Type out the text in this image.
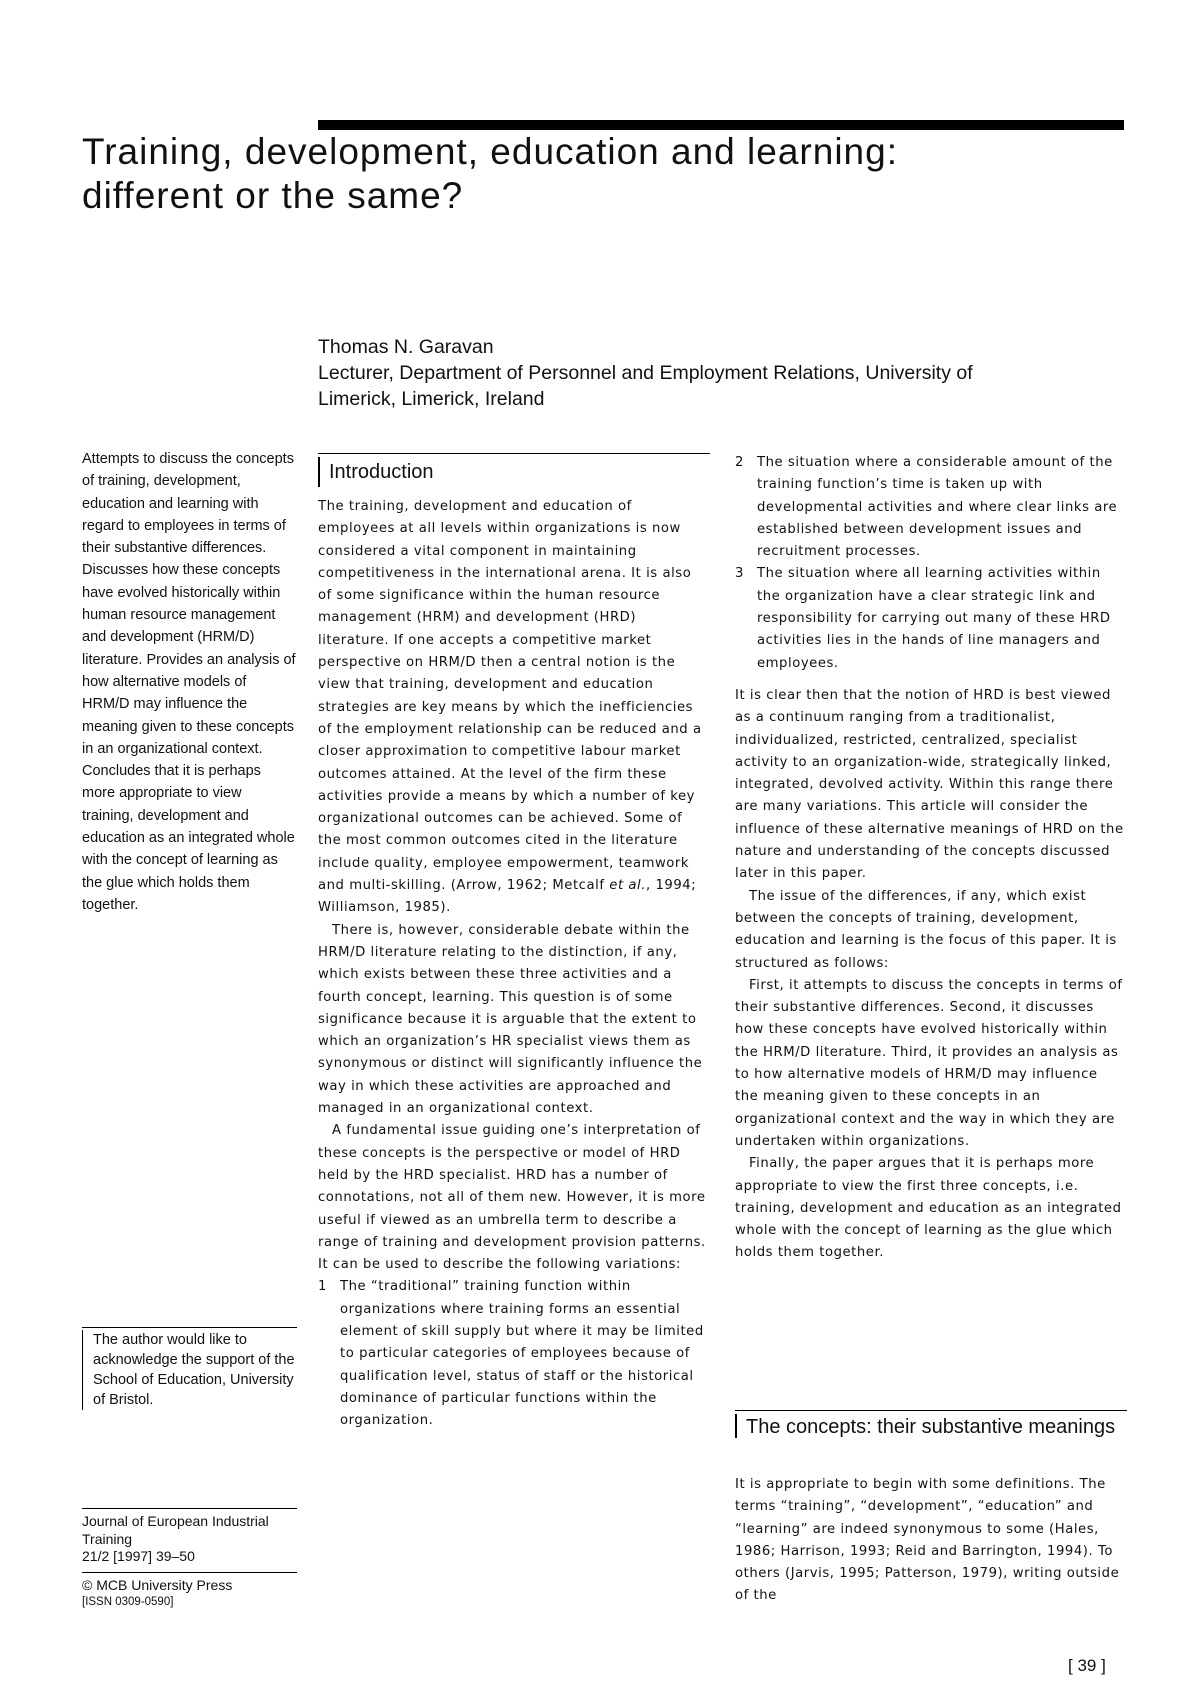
Training, development, education and learning:
different or the same?
Thomas N. Garavan
Lecturer, Department of Personnel and Employment Relations, University of
Limerick, Limerick, Ireland
Attempts to discuss the concepts of training, development, education and learning with regard to employees in terms of their substantive differences. Discusses how these concepts have evolved historically within human resource management and development (HRM/D) literature. Provides an analysis of how alternative models of HRM/D may influence the meaning given to these concepts in an organizational context. Concludes that it is perhaps more appropriate to view training, development and education as an integrated whole with the concept of learning as the glue which holds them together.
The author would like to acknowledge the support of the School of Education, University of Bristol.
Journal of European Industrial Training
21/2 [1997] 39–50
© MCB University Press
[ISSN 0309-0590]
Introduction

The training, development and education of employees at all levels within organizations is now considered a vital component in maintaining competitiveness in the international arena. It is also of some significance within the human resource management (HRM) and development (HRD) literature. If one accepts a competitive market perspective on HRM/D then a central notion is the view that training, development and education strategies are key means by which the inefficiencies of the employment relationship can be reduced and a closer approximation to competitive labour market outcomes attained. At the level of the firm these activities provide a means by which a number of key organizational outcomes can be achieved. Some of the most common outcomes cited in the literature include quality, employee empowerment, teamwork and multi-skilling. (Arrow, 1962; Metcalf et al., 1994; Williamson, 1985).

There is, however, considerable debate within the HRM/D literature relating to the distinction, if any, which exists between these three activities and a fourth concept, learning. This question is of some significance because it is arguable that the extent to which an organization’s HR specialist views them as synonymous or distinct will significantly influence the way in which these activities are approached and managed in an organizational context.

A fundamental issue guiding one’s interpretation of these concepts is the perspective or model of HRD held by the HRD specialist. HRD has a number of connotations, not all of them new. However, it is more useful if viewed as an umbrella term to describe a range of training and development provision patterns. It can be used to describe the following variations:

1 The “traditional” training function within organizations where training forms an essential element of skill supply but where it may be limited to particular categories of employees because of qualification level, status of staff or the historical dominance of particular functions within the organization.
2 The situation where a considerable amount of the training function’s time is taken up with developmental activities and where clear links are established between development issues and recruitment processes.
3 The situation where all learning activities within the organization have a clear strategic link and responsibility for carrying out many of these HRD activities lies in the hands of line managers and employees.

It is clear then that the notion of HRD is best viewed as a continuum ranging from a traditionalist, individualized, restricted, centralized, specialist activity to an organization-wide, strategically linked, integrated, devolved activity. Within this range there are many variations. This article will consider the influence of these alternative meanings of HRD on the nature and understanding of the concepts discussed later in this paper.

The issue of the differences, if any, which exist between the concepts of training, development, education and learning is the focus of this paper. It is structured as follows:

First, it attempts to discuss the concepts in terms of their substantive differences. Second, it discusses how these concepts have evolved historically within the HRM/D literature. Third, it provides an analysis as to how alternative models of HRM/D may influence the meaning given to these concepts in an organizational context and the way in which they are undertaken within organizations.

Finally, the paper argues that it is perhaps more appropriate to view the first three concepts, i.e. training, development and education as an integrated whole with the concept of learning as the glue which holds them together.

The concepts: their substantive meanings

It is appropriate to begin with some definitions. The terms “training”, “development”, “education” and “learning” are indeed synonymous to some (Hales, 1986; Harrison, 1993; Reid and Barrington, 1994). To others (Jarvis, 1995; Patterson, 1979), writing outside of the

[ 39 ]
